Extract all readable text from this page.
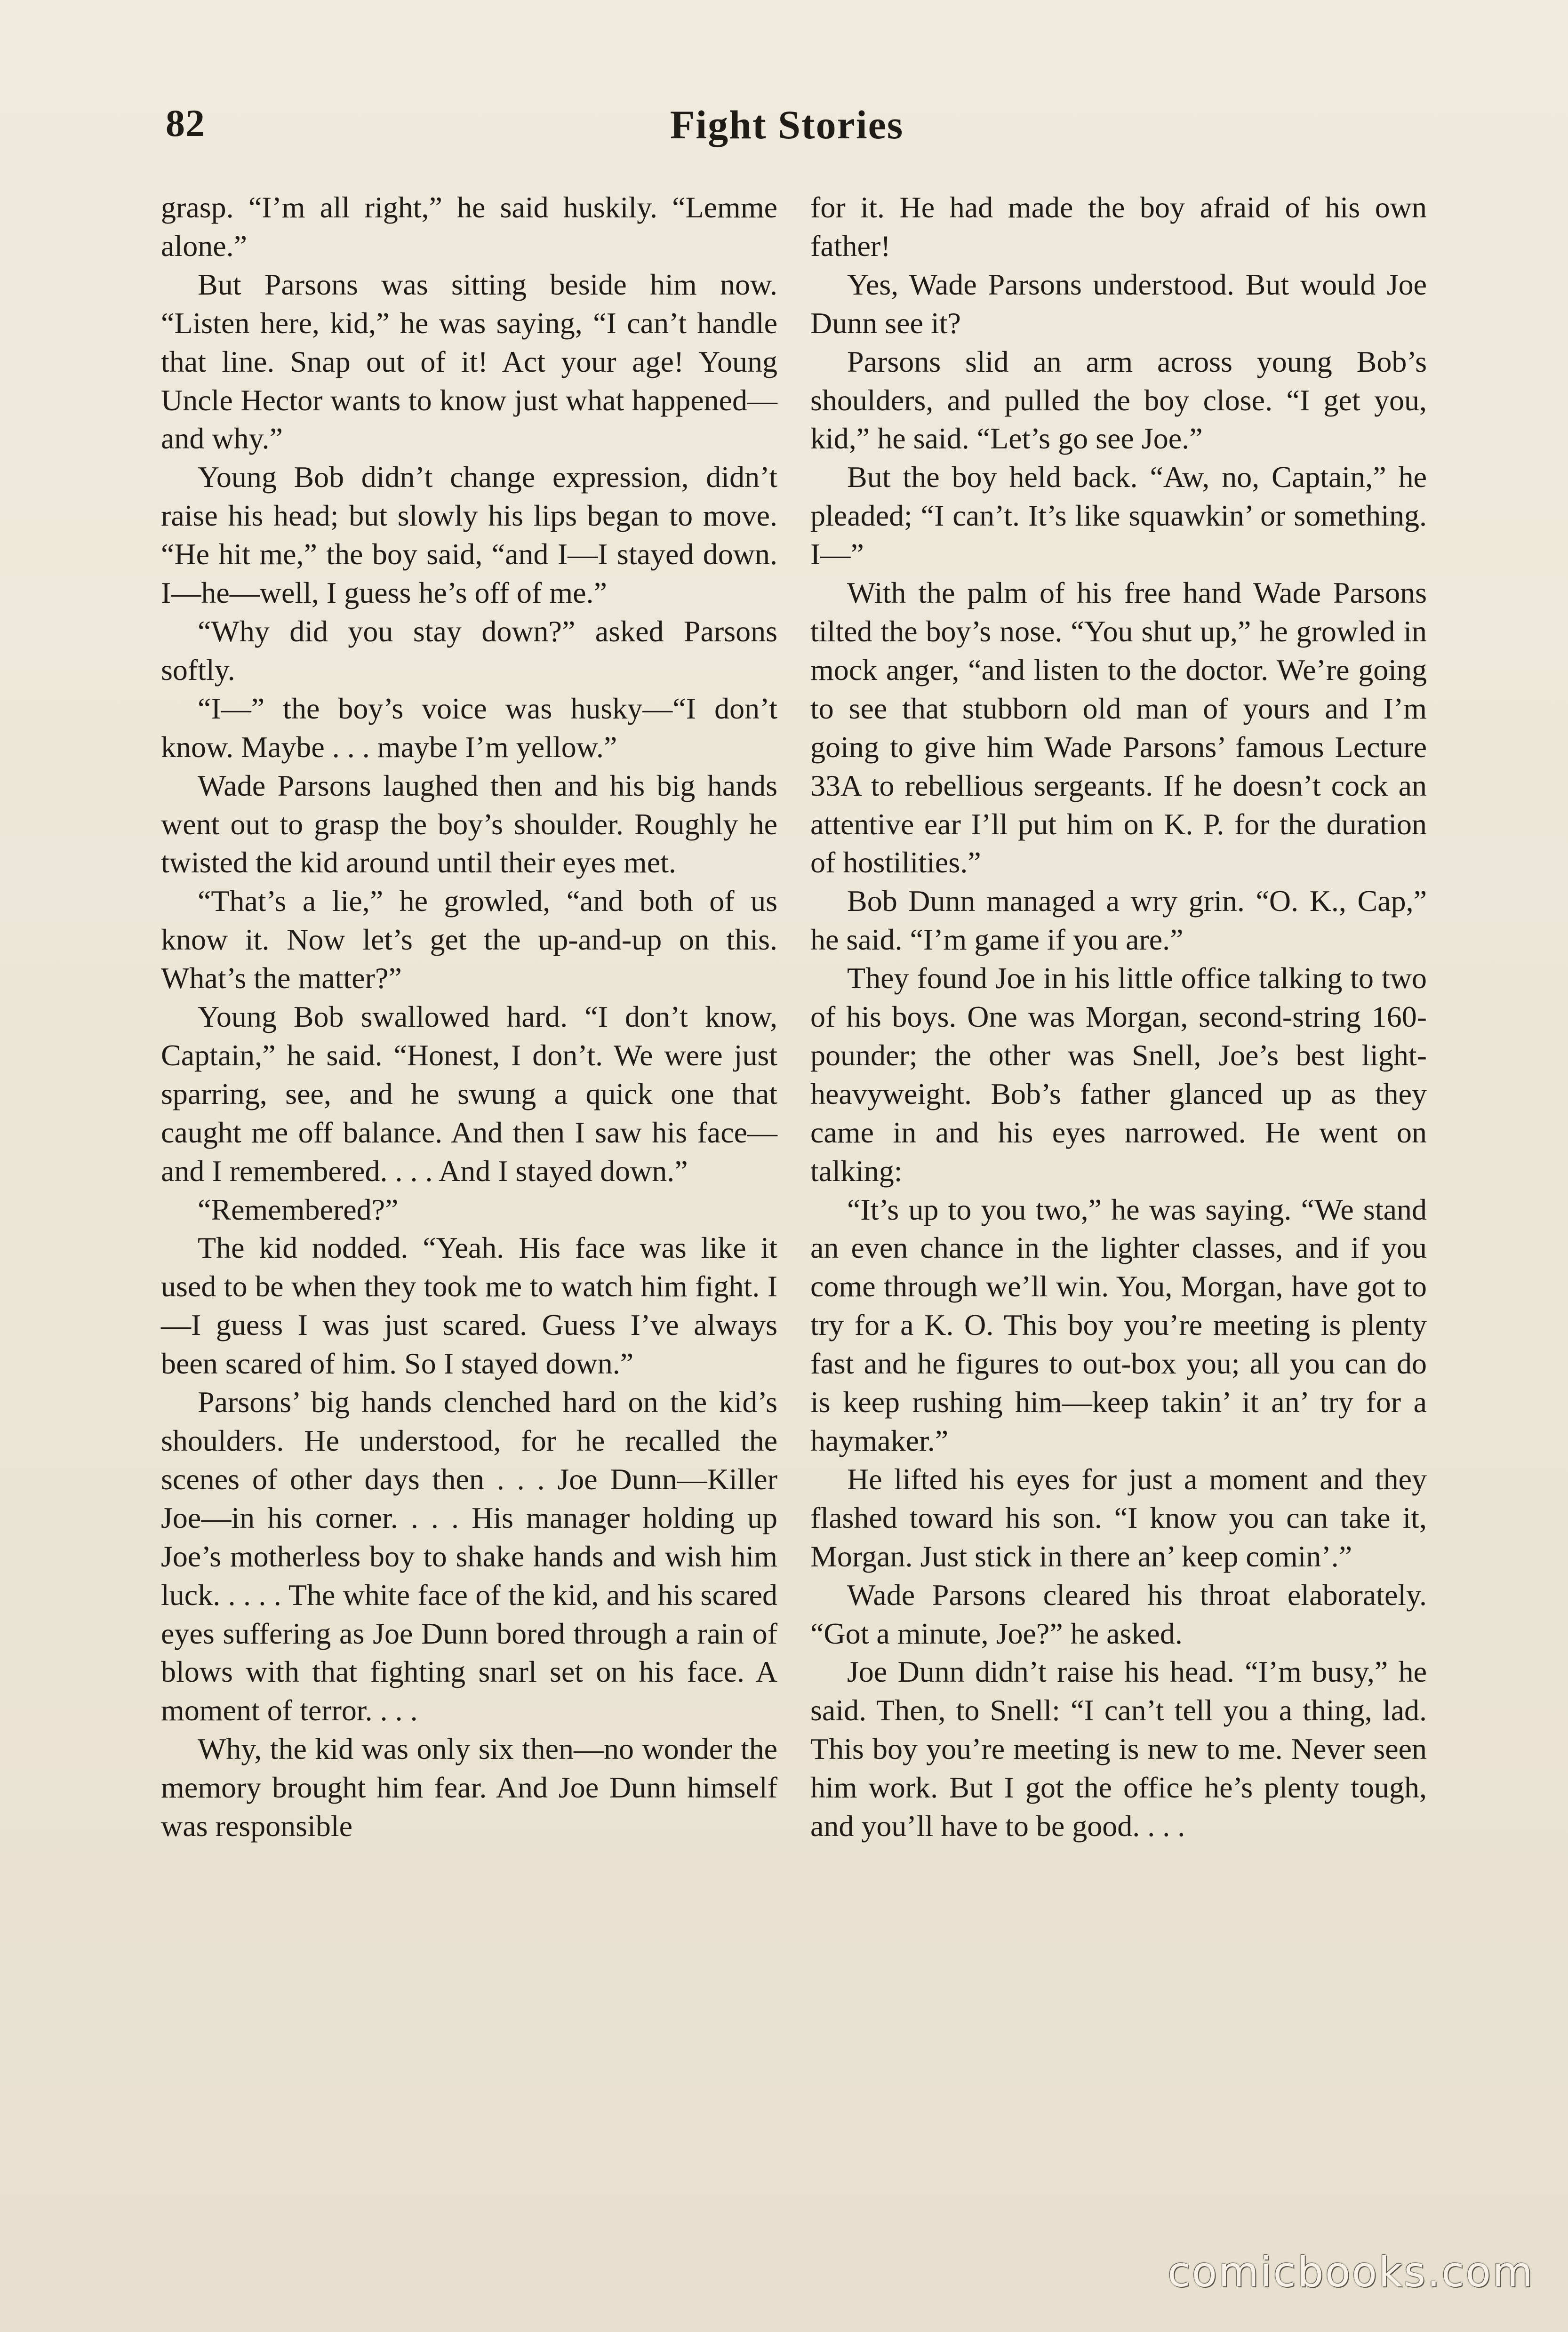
82	Fight Stories

grasp. “I’m all right,” he said huskily. “Lemme alone.”

But Parsons was sitting beside him now. “Listen here, kid,” he was saying, “I can’t handle that line. Snap out of it! Act your age! Young Uncle Hector wants to know just what happened—and why.”

Young Bob didn’t change expression, didn’t raise his head; but slowly his lips began to move. “He hit me,” the boy said, “and I—I stayed down. I—he—well, I guess he’s off of me.”

“Why did you stay down?” asked Parsons softly.

“I—” the boy’s voice was husky—“I don’t know. Maybe . . . maybe I’m yellow.”

Wade Parsons laughed then and his big hands went out to grasp the boy’s shoulder. Roughly he twisted the kid around until their eyes met.

“That’s a lie,” he growled, “and both of us know it. Now let’s get the up-and-up on this. What’s the matter?”

Young Bob swallowed hard. “I don’t know, Captain,” he said. “Honest, I don’t. We were just sparring, see, and he swung a quick one that caught me off balance. And then I saw his face—and I remembered. . . . And I stayed down.”

“Remembered?”

The kid nodded. “Yeah. His face was like it used to be when they took me to watch him fight. I—I guess I was just scared. Guess I’ve always been scared of him. So I stayed down.”

Parsons’ big hands clenched hard on the kid’s shoulders. He understood, for he recalled the scenes of other days then . . . Joe Dunn—Killer Joe—in his corner. . . . His manager holding up Joe’s motherless boy to shake hands and wish him luck. . . . . The white face of the kid, and his scared eyes suffering as Joe Dunn bored through a rain of blows with that fighting snarl set on his face. A moment of terror. . . .

Why, the kid was only six then—no wonder the memory brought him fear. And Joe Dunn himself was responsible

for it. He had made the boy afraid of his own father!

Yes, Wade Parsons understood. But would Joe Dunn see it?

Parsons slid an arm across young Bob’s shoulders, and pulled the boy close. “I get you, kid,” he said. “Let’s go see Joe.”

But the boy held back. “Aw, no, Captain,” he pleaded; “I can’t. It’s like squawkin’ or something. I—”

With the palm of his free hand Wade Parsons tilted the boy’s nose. “You shut up,” he growled in mock anger, “and listen to the doctor. We’re going to see that stubborn old man of yours and I’m going to give him Wade Parsons’ famous Lecture 33A to rebellious sergeants. If he doesn’t cock an attentive ear I’ll put him on K. P. for the duration of hostilities.”

Bob Dunn managed a wry grin. “O. K., Cap,” he said. “I’m game if you are.”

They found Joe in his little office talking to two of his boys. One was Morgan, second-string 160-pounder; the other was Snell, Joe’s best light-heavyweight. Bob’s father glanced up as they came in and his eyes narrowed. He went on talking:

“It’s up to you two,” he was saying. “We stand an even chance in the lighter classes, and if you come through we’ll win. You, Morgan, have got to try for a K. O. This boy you’re meeting is plenty fast and he figures to out-box you; all you can do is keep rushing him—keep takin’ it an’ try for a haymaker.”

He lifted his eyes for just a moment and they flashed toward his son. “I know you can take it, Morgan. Just stick in there an’ keep comin’.”

Wade Parsons cleared his throat elaborately. “Got a minute, Joe?” he asked.

Joe Dunn didn’t raise his head. “I’m busy,” he said. Then, to Snell: “I can’t tell you a thing, lad. This boy you’re meeting is new to me. Never seen him work. But I got the office he’s plenty tough, and you’ll have to be good. . . .

comicbooks.com
